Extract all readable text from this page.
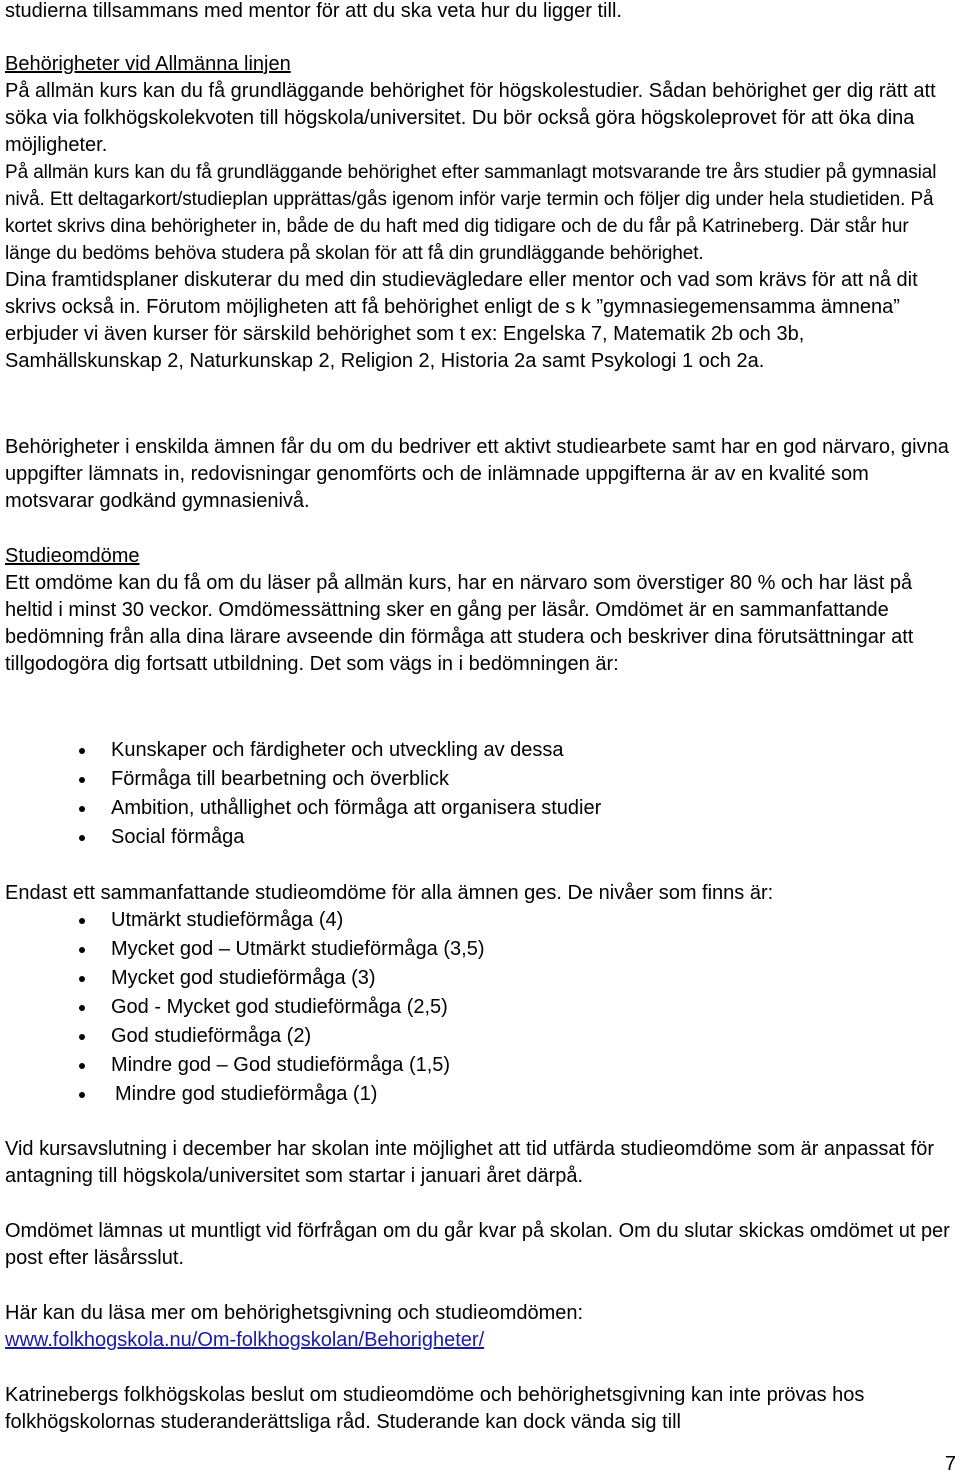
studierna tillsammans med mentor för att du ska veta hur du ligger till.

Behörigheter vid Allmänna linjen

På allmän kurs kan du få grundläggande behörighet för högskolestudier. Sådan behörighet ger dig rätt att söka via folkhögskolekvoten till högskola/universitet. Du bör också göra högskoleprovet för att öka dina möjligheter.

På allmän kurs kan du få grundläggande behörighet efter sammanlagt motsvarande tre års studier på gymnasial nivå. Ett deltagarkort/studieplan upprättas/gås igenom inför varje termin och följer dig under hela studietiden. På kortet skrivs dina behörigheter in, både de du haft med dig tidigare och de du får på Katrineberg. Där står hur länge du bedöms behöva studera på skolan för att få din grundläggande behörighet.

Dina framtidsplaner diskuterar du med din studievägledare eller mentor och vad som krävs för att nå dit skrivs också in. Förutom möjligheten att få behörighet enligt de s k ”gymnasiegemensamma ämnena” erbjuder vi även kurser för särskild behörighet som t ex: Engelska 7, Matematik 2b och 3b, Samhällskunskap 2, Naturkunskap 2, Religion 2, Historia 2a samt Psykologi 1 och 2a.

Behörigheter i enskilda ämnen får du om du bedriver ett aktivt studiearbete samt har en god närvaro, givna uppgifter lämnats in, redovisningar genomförts och de inlämnade uppgifterna är av en kvalité som motsvarar godkänd gymnasienivå.

Studieomdöme

Ett omdöme kan du få om du läser på allmän kurs, har en närvaro som överstiger 80 % och har läst på heltid i minst 30 veckor. Omdömessättning sker en gång per läsår. Omdömet är en sammanfattande bedömning från alla dina lärare avseende din förmåga att studera och beskriver dina förutsättningar att tillgodogöra dig fortsatt utbildning. Det som vägs in i bedömningen är:

Kunskaper och färdigheter och utveckling av dessa
Förmåga till bearbetning och överblick
Ambition, uthållighet och förmåga att organisera studier
Social förmåga

Endast ett sammanfattande studieomdöme för alla ämnen ges. De nivåer som finns är:

Utmärkt studieförmåga (4)
Mycket god – Utmärkt studieförmåga (3,5)
Mycket god studieförmåga (3)
God - Mycket god studieförmåga (2,5)
God studieförmåga (2)
Mindre god – God studieförmåga (1,5)
Mindre god studieförmåga (1)

Vid kursavslutning i december har skolan inte möjlighet att tid utfärda studieomdöme som är anpassat för antagning till högskola/universitet som startar i januari året därpå.

Omdömet lämnas ut muntligt vid förfrågan om du går kvar på skolan. Om du slutar skickas omdömet ut per post efter läsårsslut.

Här kan du läsa mer om behörighetsgivning och studieomdömen:

www.folkhogskola.nu/Om-folkhogskolan/Behorigheter/

Katrinebergs folkhögskolas beslut om studieomdöme och behörighetsgivning kan inte prövas hos folkhögskolornas studeranderättsliga råd. Studerande kan dock vända sig till

7
